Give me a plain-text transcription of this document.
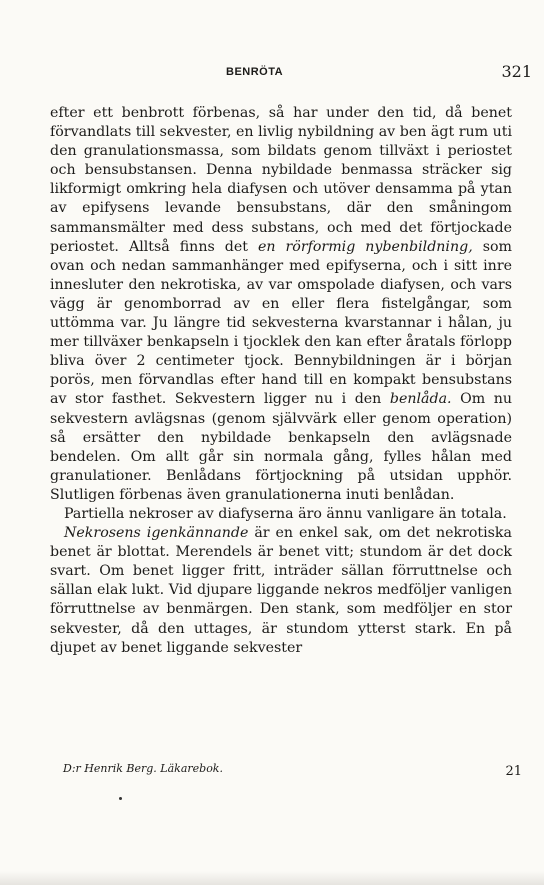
BENRÖTA	321

efter ett benbrott förbenas, så har under den tid, då benet förvandlats till sekvester, en livlig nybildning av ben ägt rum uti den granulationsmassa, som bildats genom tillväxt i periostet och bensubstansen. Denna nybildade benmassa sträcker sig likformigt omkring hela diafysen och utöver densamma på ytan av epifysens levande bensubstans, där den småningom sammansmälter med dess substans, och med det förtjockade periostet. Alltså finns det en rörformig nybenbildning, som ovan och nedan sammanhänger med epifyserna, och i sitt inre innesluter den nekrotiska, av var omspolade diafysen, och vars vägg är genomborrad av en eller flera fistelgångar, som uttömma var. Ju längre tid sekvesterna kvarstannar i hålan, ju mer tillväxer benkapseln i tjocklek den kan efter åratals förlopp bliva över 2 centimeter tjock. Bennybildningen är i början porös, men förvandlas efter hand till en kompakt bensubstans av stor fasthet. Sekvestern ligger nu i den benlåda. Om nu sekvestern avlägsnas (genom självvärk eller genom operation) så ersätter den nybildade benkapseln den avlägsnade bendelen. Om allt går sin normala gång, fylles hålan med granulationer. Benlådans förtjockning på utsidan upphör. Slutligen förbenas även granulationerna inuti benlådan.

Partiella nekroser av diafyserna äro ännu vanligare än totala.

Nekrosens igenkännande är en enkel sak, om det nekrotiska benet är blottat. Merendels är benet vitt; stundom är det dock svart. Om benet ligger fritt, inträder sällan förruttnelse och sällan elak lukt. Vid djupare liggande nekros medföljer vanligen förruttnelse av benmärgen. Den stank, som medföljer en stor sekvester, då den uttages, är stundom ytterst stark. En på djupet av benet liggande sekvester

D:r Henrik Berg. Läkarebok.	21
